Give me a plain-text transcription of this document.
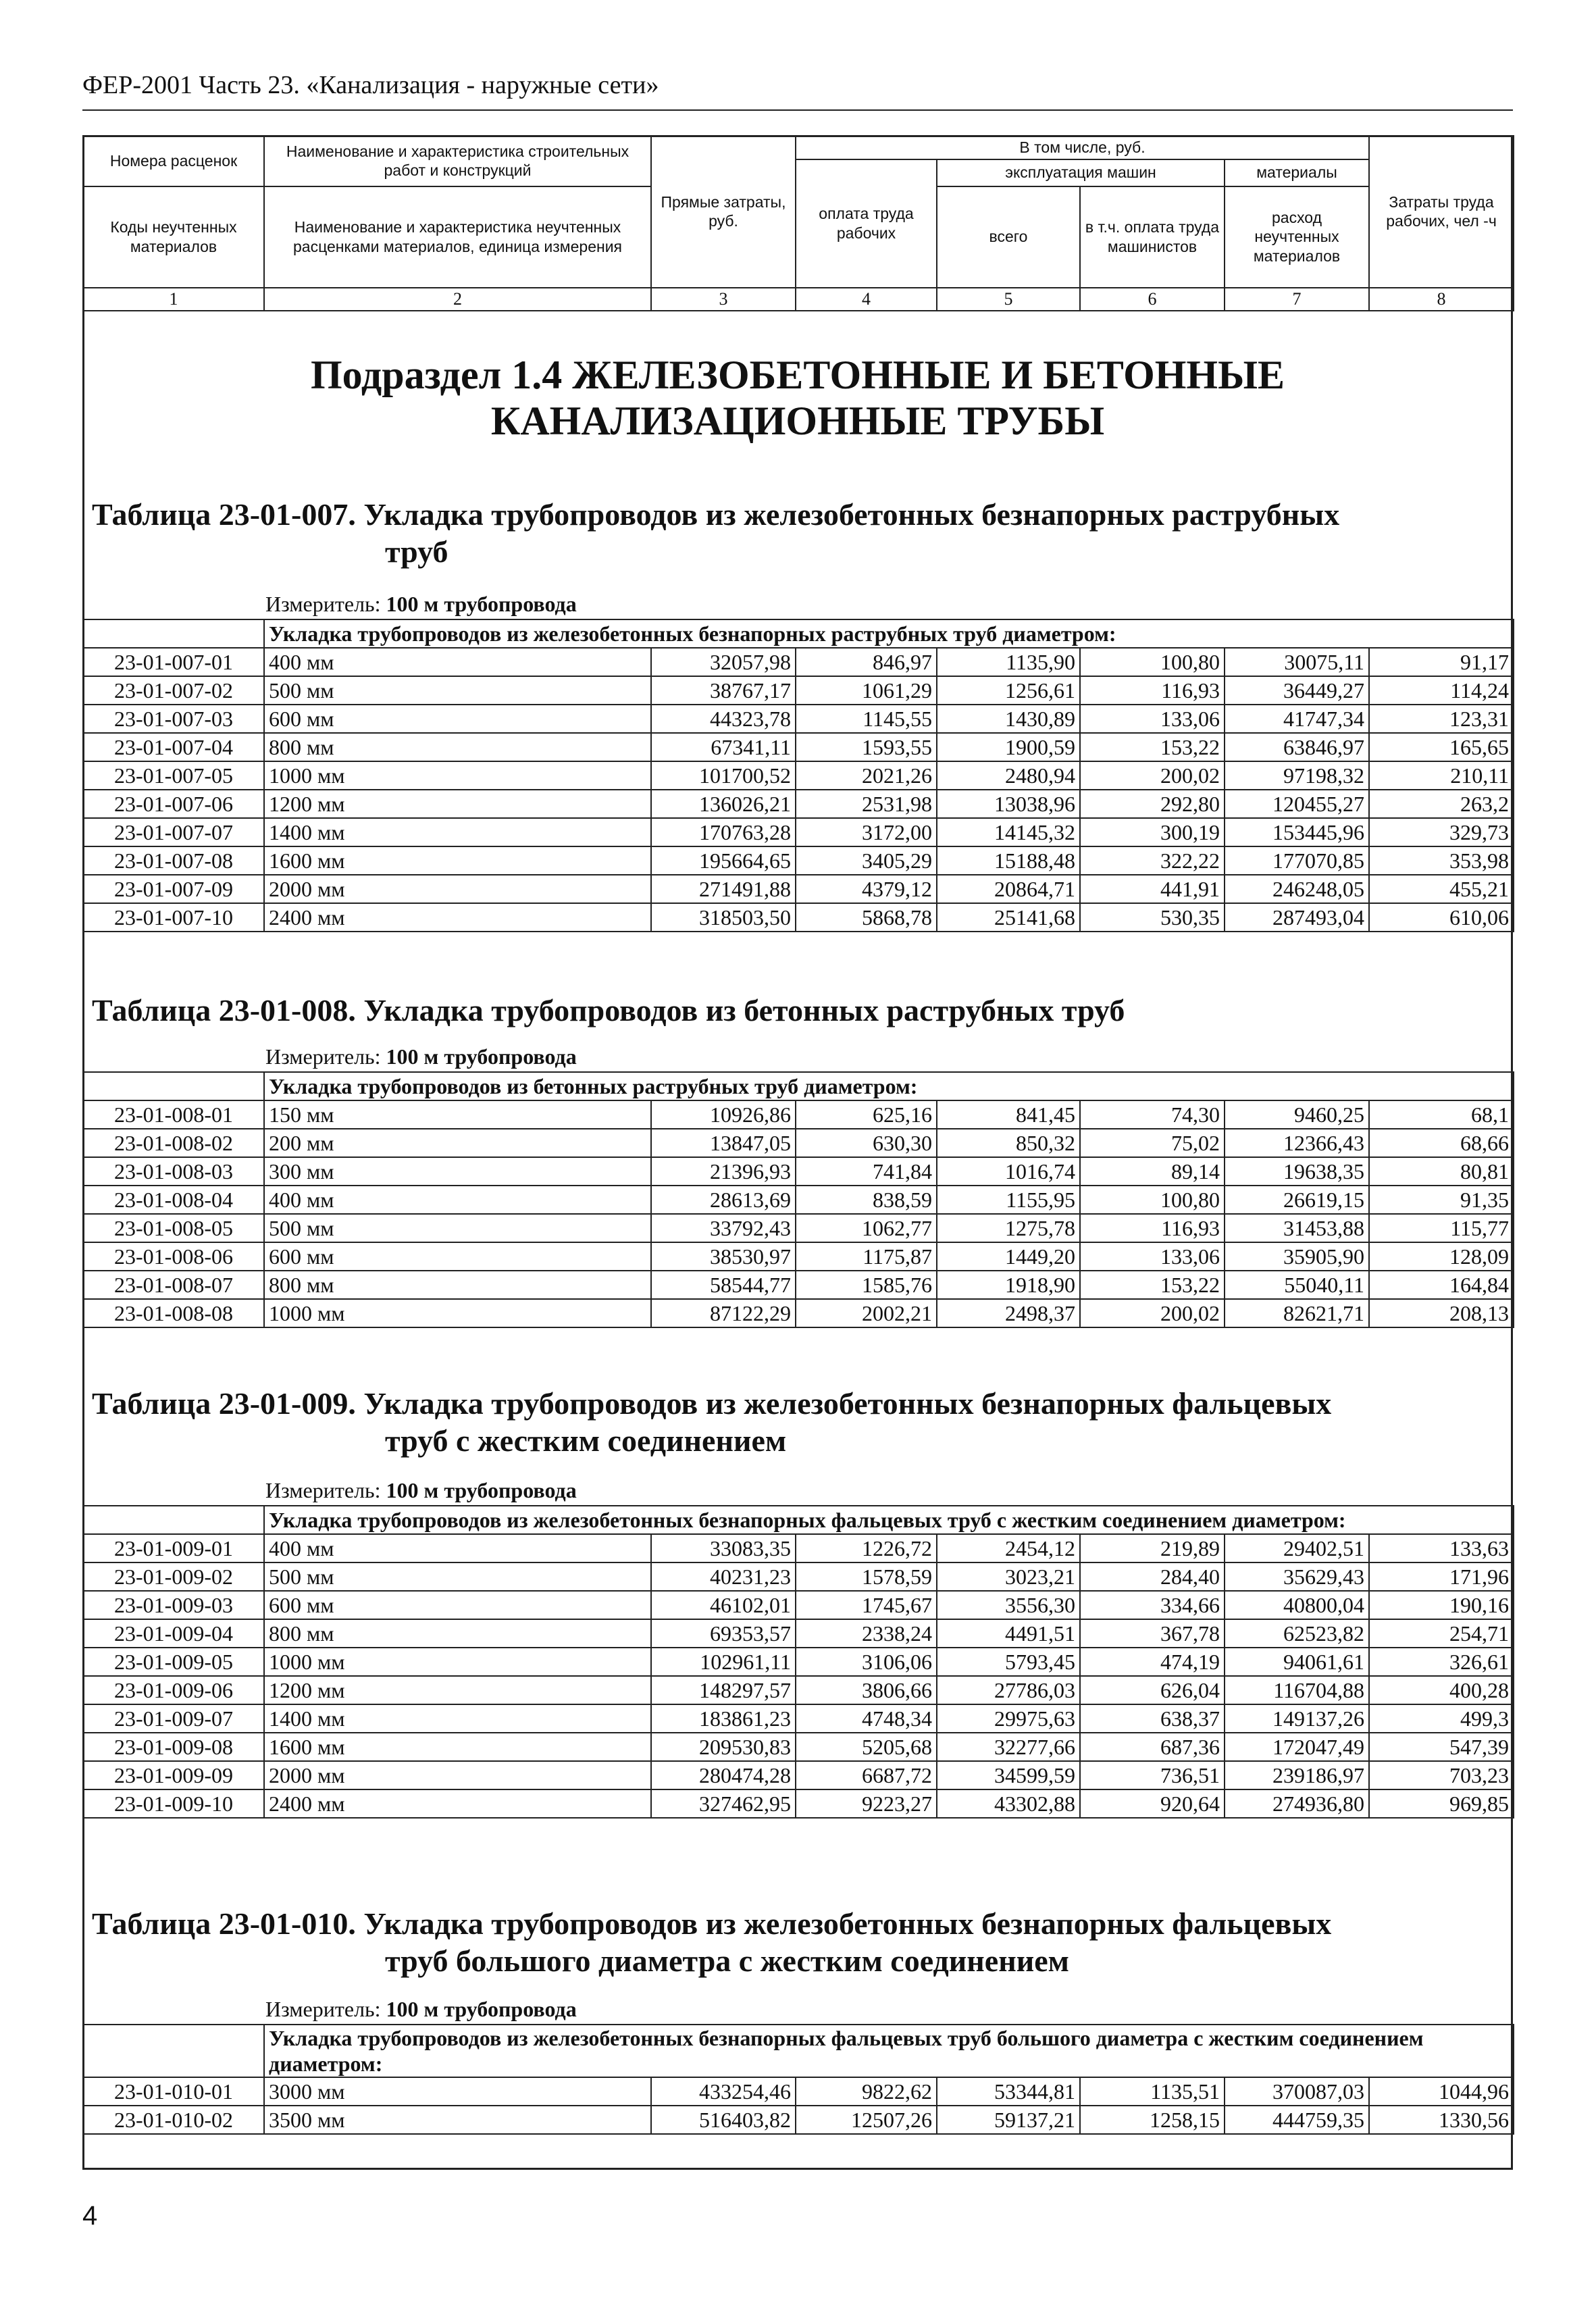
ФЕР-2001 Часть 23. «Канализация - наружные сети»
Номера расценок	Наименование и характеристика строительных работ и конструкций	Прямые затраты, руб.	В том числе, руб.				Затраты труда рабочих, чел -ч
			оплата труда рабочих	эксплуатация машин		материалы	
Коды неучтенных материалов	Наименование и характеристика неучтенных расценками материалов, единица измерения			всего	в т.ч. оплата труда машинистов	расход неучтенных материалов	

1	2	3	4	5	6	7	8
Подраздел 1.4 ЖЕЛЕЗОБЕТОННЫЕ И БЕТОННЫЕ КАНАЛИЗАЦИОННЫЕ ТРУБЫ
Таблица 23-01-007. Укладка трубопроводов из железобетонных безнапорных раструбных
труб
Измеритель: 100 м трубопровода
	Укладка трубопроводов из железобетонных безнапорных раструбных труб диаметром:						
23-01-007-01	400 мм	32057,98	846,97	1135,90	100,80	30075,11	91,17
23-01-007-02	500 мм	38767,17	1061,29	1256,61	116,93	36449,27	114,24
23-01-007-03	600 мм	44323,78	1145,55	1430,89	133,06	41747,34	123,31
23-01-007-04	800 мм	67341,11	1593,55	1900,59	153,22	63846,97	165,65
23-01-007-05	1000 мм	101700,52	2021,26	2480,94	200,02	97198,32	210,11
23-01-007-06	1200 мм	136026,21	2531,98	13038,96	292,80	120455,27	263,2
23-01-007-07	1400 мм	170763,28	3172,00	14145,32	300,19	153445,96	329,73
23-01-007-08	1600 мм	195664,65	3405,29	15188,48	322,22	177070,85	353,98
23-01-007-09	2000 мм	271491,88	4379,12	20864,71	441,91	246248,05	455,21
23-01-007-10	2400 мм	318503,50	5868,78	25141,68	530,35	287493,04	610,06
Таблица 23-01-008. Укладка трубопроводов из бетонных раструбных труб
Измеритель: 100 м трубопровода
	Укладка трубопроводов из бетонных раструбных труб диаметром:						
23-01-008-01	150 мм	10926,86	625,16	841,45	74,30	9460,25	68,1
23-01-008-02	200 мм	13847,05	630,30	850,32	75,02	12366,43	68,66
23-01-008-03	300 мм	21396,93	741,84	1016,74	89,14	19638,35	80,81
23-01-008-04	400 мм	28613,69	838,59	1155,95	100,80	26619,15	91,35
23-01-008-05	500 мм	33792,43	1062,77	1275,78	116,93	31453,88	115,77
23-01-008-06	600 мм	38530,97	1175,87	1449,20	133,06	35905,90	128,09
23-01-008-07	800 мм	58544,77	1585,76	1918,90	153,22	55040,11	164,84
23-01-008-08	1000 мм	87122,29	2002,21	2498,37	200,02	82621,71	208,13
Таблица 23-01-009. Укладка трубопроводов из железобетонных безнапорных фальцевых
труб с жестким соединением
Измеритель: 100 м трубопровода
	Укладка трубопроводов из железобетонных безнапорных фальцевых труб с жестким соединением диаметром:						
23-01-009-01	400 мм	33083,35	1226,72	2454,12	219,89	29402,51	133,63
23-01-009-02	500 мм	40231,23	1578,59	3023,21	284,40	35629,43	171,96
23-01-009-03	600 мм	46102,01	1745,67	3556,30	334,66	40800,04	190,16
23-01-009-04	800 мм	69353,57	2338,24	4491,51	367,78	62523,82	254,71
23-01-009-05	1000 мм	102961,11	3106,06	5793,45	474,19	94061,61	326,61
23-01-009-06	1200 мм	148297,57	3806,66	27786,03	626,04	116704,88	400,28
23-01-009-07	1400 мм	183861,23	4748,34	29975,63	638,37	149137,26	499,3
23-01-009-08	1600 мм	209530,83	5205,68	32277,66	687,36	172047,49	547,39
23-01-009-09	2000 мм	280474,28	6687,72	34599,59	736,51	239186,97	703,23
23-01-009-10	2400 мм	327462,95	9223,27	43302,88	920,64	274936,80	969,85
Таблица 23-01-010. Укладка трубопроводов из железобетонных безнапорных фальцевых
труб большого диаметра с жестким соединением
Измеритель: 100 м трубопровода
	Укладка трубопроводов из железобетонных безнапорных фальцевых труб большого диаметра с жестким соединением диаметром:						
23-01-010-01	3000 мм	433254,46	9822,62	53344,81	1135,51	370087,03	1044,96
23-01-010-02	3500 мм	516403,82	12507,26	59137,21	1258,15	444759,35	1330,56
4
